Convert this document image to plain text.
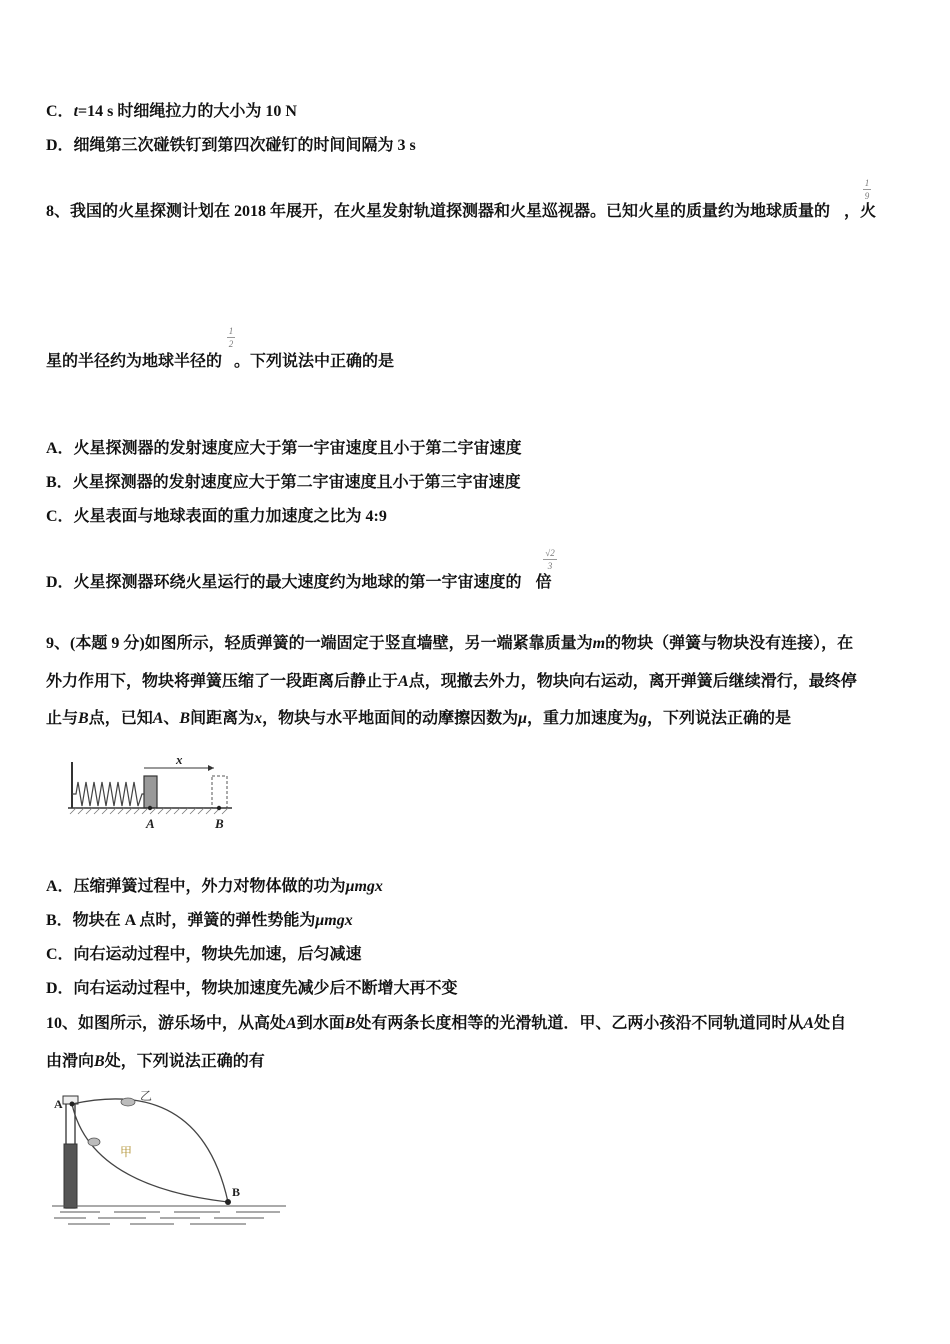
C．t=14 s 时细绳拉力的大小为 10 N
D．细绳第三次碰铁钉到第四次碰钉的时间间隔为 3 s
8、我国的火星探测计划在 2018 年展开，在火星发射轨道探测器和火星巡视器。已知火星的质量约为地球质量的 ，火
1
9
星的半径约为地球半径的 。下列说法中正确的是
1
2
A．火星探测器的发射速度应大于第一宇宙速度且小于第二宇宙速度
B．火星探测器的发射速度应大于第二宇宙速度且小于第三宇宙速度
C．火星表面与地球表面的重力加速度之比为 4:9
D．火星探测器环绕火星运行的最大速度约为地球的第一宇宙速度的 倍
√2
3
9、(本题 9 分)如图所示，轻质弹簧的一端固定于竖直墙壁，另一端紧靠质量为m的物块（弹簧与物块没有连接），在
外力作用下，物块将弹簧压缩了一段距离后静止于A点，现撤去外力，物块向右运动，离开弹簧后继续滑行，最终停
止与B点，已知A、B间距离为x，物块与水平地面间的动摩擦因数为μ，重力加速度为g，下列说法正确的是
x
A	B
A．压缩弹簧过程中，外力对物体做的功为μmgx
B．物块在 A 点时，弹簧的弹性势能为μmgx
C．向右运动过程中，物块先加速，后匀减速
D．向右运动过程中，物块加速度先减少后不断增大再不变
10、如图所示，游乐场中，从高处A到水面B处有两条长度相等的光滑轨道．甲、乙两小孩沿不同轨道同时从A处自
由滑向B处，下列说法正确的有
乙
甲
A
B
